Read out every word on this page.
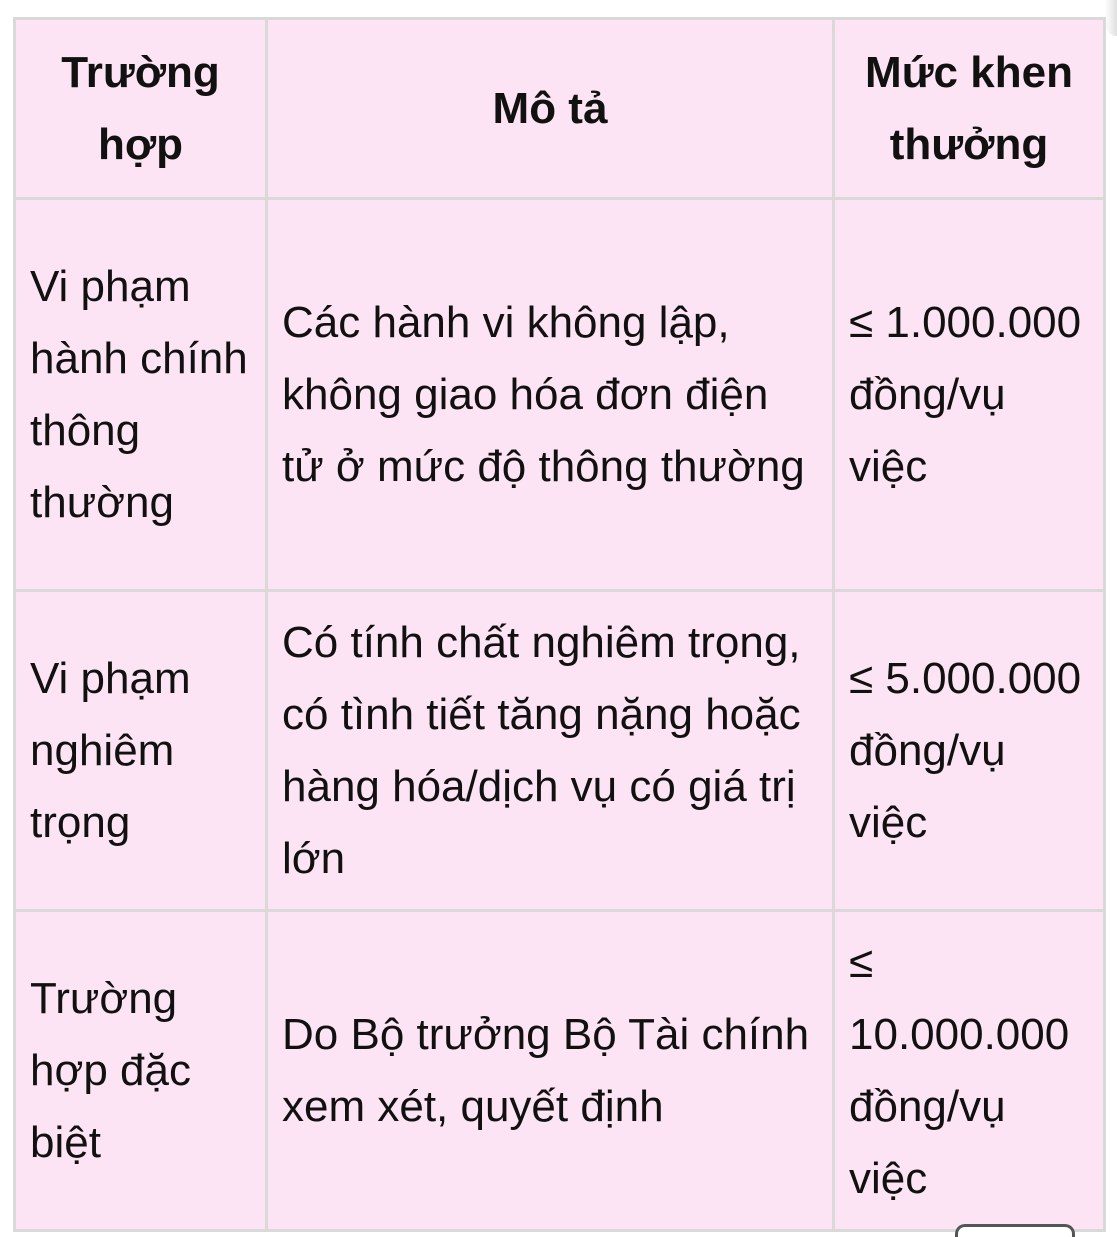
Trường hợp	Mô tả	Mức khen thưởng

Vi phạm hành chính thông thường	Các hành vi không lập, không giao hóa đơn điện tử ở mức độ thông thường	≤ 1.000.000 đồng/vụ việc

Vi phạm nghiêm trọng	Có tính chất nghiêm trọng, có tình tiết tăng nặng hoặc hàng hóa/dịch vụ có giá trị lớn	≤ 5.000.000 đồng/vụ việc

Trường hợp đặc biệt	Do Bộ trưởng Bộ Tài chính xem xét, quyết định	≤ 10.000.000 đồng/vụ việc
